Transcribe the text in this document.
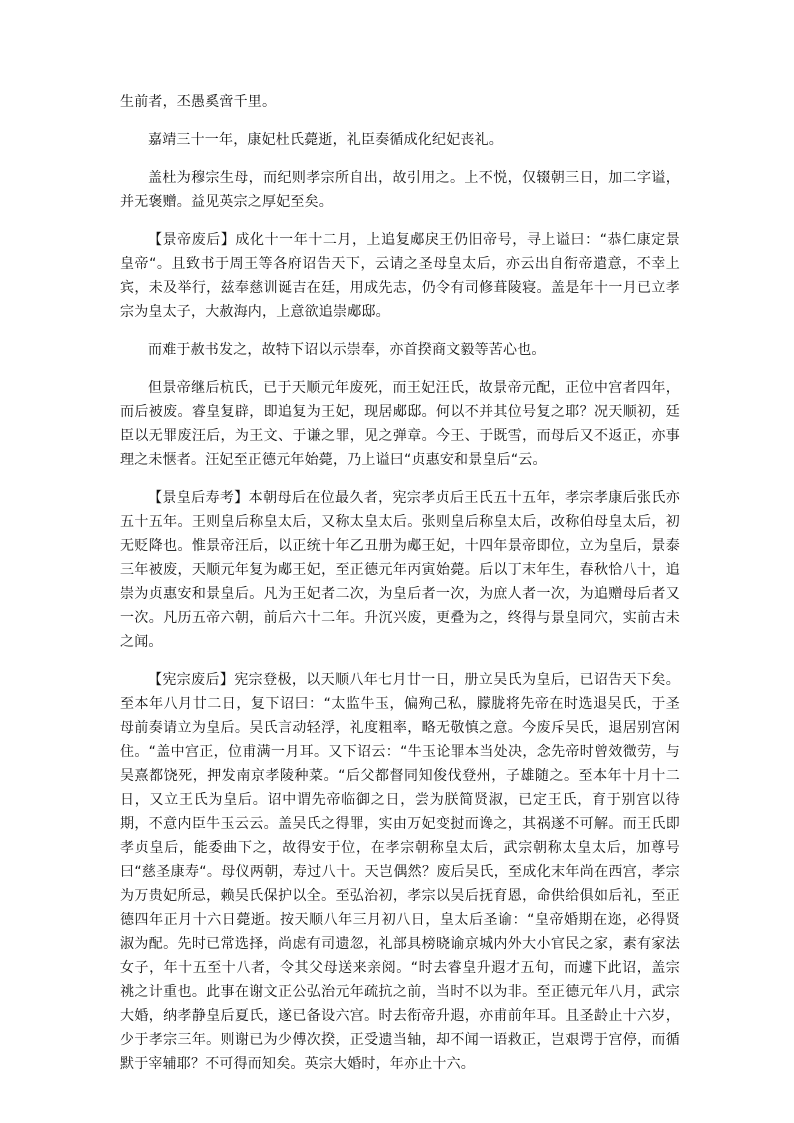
生前者，丕愚奚啻千里。

嘉靖三十一年，康妃杜氏薨逝，礼臣奏循成化纪妃丧礼。

盖杜为穆宗生母，而纪则孝宗所自出，故引用之。上不悦，仅辍朝三日，加二字谥，并无褒赠。益见英宗之厚妃至矣。

【景帝废后】成化十一年十二月，上追复郕戾王仍旧帝号，寻上谥曰：“恭仁康定景皇帝“。且致书于周王等各府诏告天下，云请之圣母皇太后，亦云出自衔帝遣意，不幸上宾，未及举行，兹奉慈训诞吉在廷，用成先志，仍令有司修葺陵寝。盖是年十一月已立孝宗为皇太子，大赦海内，上意欲追崇郕邸。

而难于赦书发之，故特下诏以示崇奉，亦首揆商文毅等苦心也。

但景帝继后杭氏，已于天顺元年废死，而王妃汪氏，故景帝元配，正位中宫者四年，而后被废。睿皇复辟，即追复为王妃，现居郕邸。何以不并其位号复之耶？况天顺初，廷臣以无罪废汪后，为王文、于谦之罪，见之弹章。今王、于既雪，而母后又不返正，亦事理之未惬者。汪妃至正德元年始薨，乃上谥曰“贞惠安和景皇后“云。

【景皇后寿考】本朝母后在位最久者，宪宗孝贞后王氏五十五年，孝宗孝康后张氏亦五十五年。王则皇后称皇太后，又称太皇太后。张则皇后称皇太后，改称伯母皇太后，初无贬降也。惟景帝汪后，以正统十年乙丑册为郕王妃，十四年景帝即位，立为皇后，景泰三年被废，天顺元年复为郕王妃，至正德元年丙寅始薨。后以丁末年生，春秋恰八十，追崇为贞惠安和景皇后。凡为王妃者二次，为皇后者一次，为庶人者一次，为追赠母后者又一次。凡历五帝六朝，前后六十二年。升沉兴废，更叠为之，终得与景皇同穴，实前古未之闻。

【宪宗废后】宪宗登极，以天顺八年七月廿一日，册立吴氏为皇后，已诏告天下矣。至本年八月廿二日，复下诏曰：“太监牛玉，偏殉己私，朦胧将先帝在时选退吴氏，于圣母前奏请立为皇后。吴氏言动轻浮，礼度粗率，略无敬慎之意。今废斥吴氏，退居别宫闲住。“盖中宫正，位甫满一月耳。又下诏云：“牛玉论罪本当处决，念先帝时曾效微劳，与吴熹都饶死，押发南京孝陵种菜。“后父都督同知俊伐登州，子雄随之。至本年十月十二日，又立王氏为皇后。诏中谓先帝临御之日，尝为朕简贤淑，已定王氏，育于别宫以待期，不意内臣牛玉云云。盖吴氏之得罪，实由万妃变挝而谗之，其祸遂不可解。而王氏即孝贞皇后，能委曲下之，故得安于位，在孝宗朝称皇太后，武宗朝称太皇太后，加尊号曰“慈圣康寿“。母仪两朝，寿过八十。天岂偶然？废后吴氏，至成化末年尚在西宫，孝宗为万贵妃所忌，赖吴氏保护以全。至弘治初，孝宗以吴后抚育恩，命供给俱如后礼，至正德四年正月十六日薨逝。按天顺八年三月初八日，皇太后圣谕：“皇帝婚期在迩，必得贤淑为配。先时已常选择，尚虑有司遗忽，礼部具榜晓谕京城内外大小官民之家，素有家法女子，年十五至十八者，令其父母送来亲阅。“时去睿皇升遐才五旬，而遽下此诏，盖宗祧之计重也。此事在谢文正公弘治元年疏抗之前，当时不以为非。至正德元年八月，武宗大婚，纳孝静皇后夏氏，遂已备设六宫。时去衔帝升遐，亦甫前年耳。且圣龄止十六岁，少于孝宗三年。则谢已为少傅次揆，正受遗当轴，却不闻一语救正，岂艰谔于宫停，而循默于宰辅耶？不可得而知矣。英宗大婚时，年亦止十六。
